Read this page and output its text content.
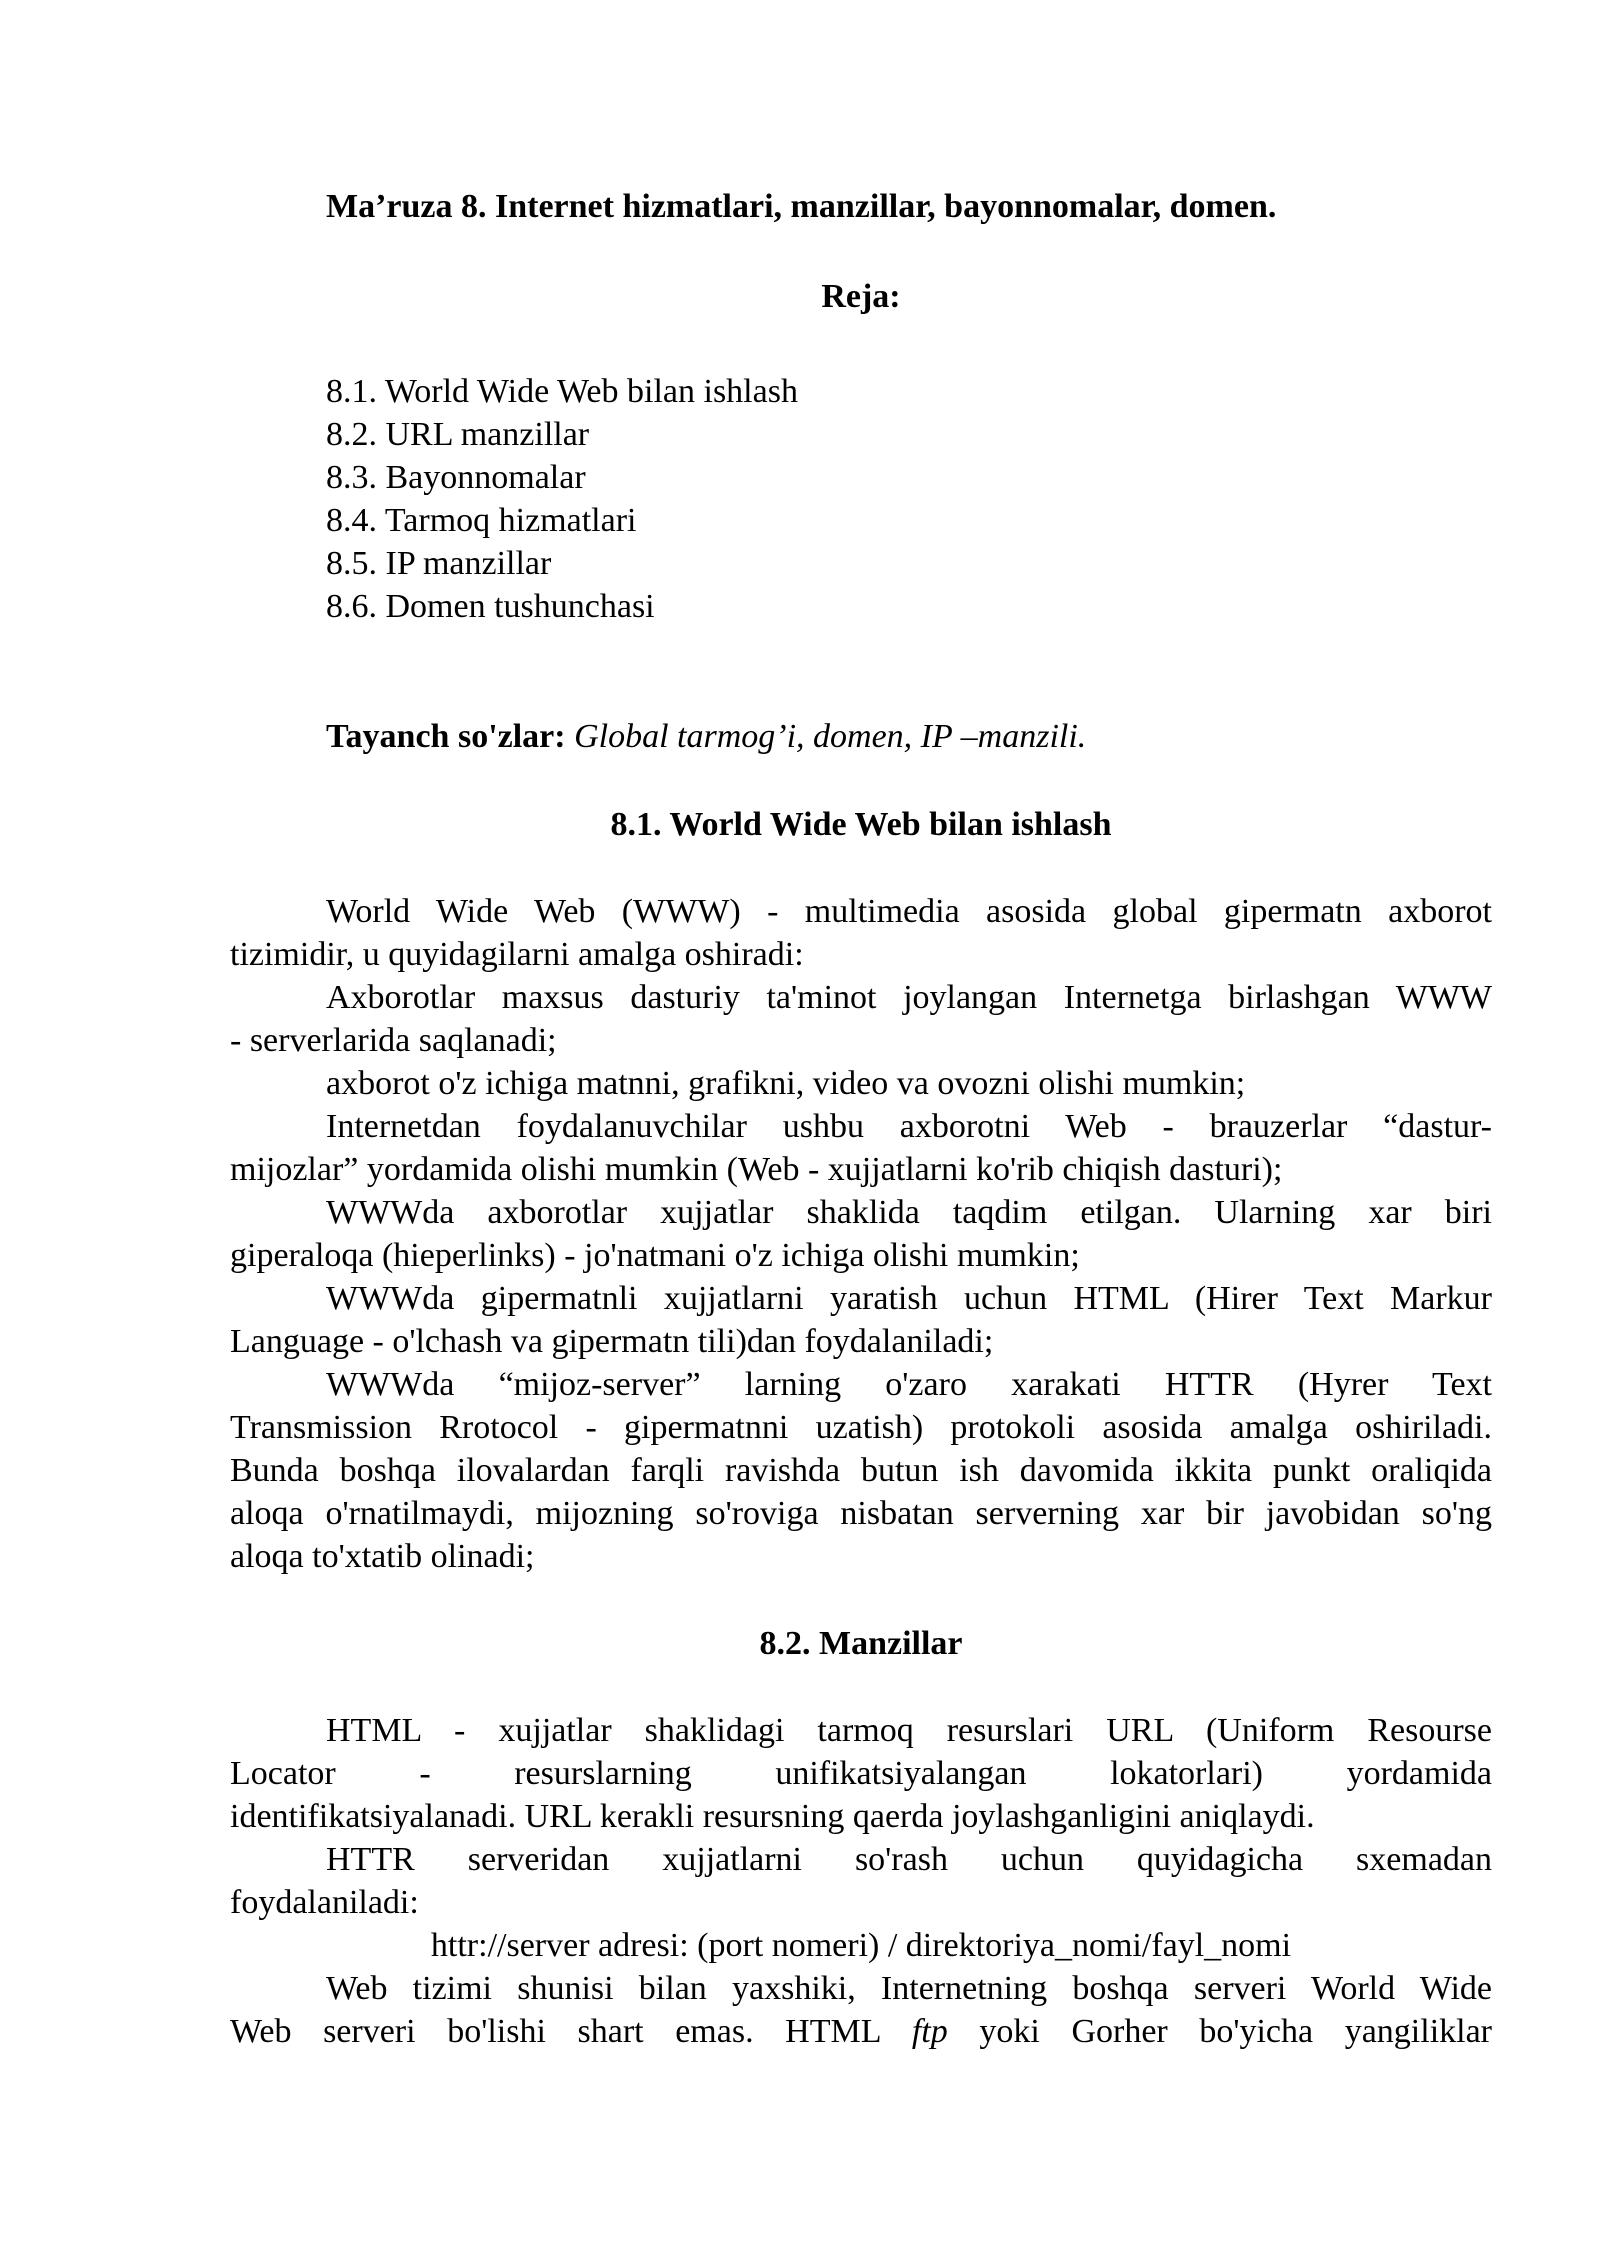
Ma’ruza 8. Internet hizmatlari, manzillar, bayonnomalar, domen.
Reja:
8.1. World Wide Web bilan ishlash
8.2. URL manzillar
8.3. Bayonnomalar
8.4. Tarmoq hizmatlari
8.5. IP manzillar
8.6. Domen tushunchasi
Tayanch so'zlar: Global tarmog’i, domen, IP –manzili.
8.1. World Wide Web bilan ishlash
World Wide Web (WWW) - multimedia asosida global gipermatn axborot
tizimidir, u quyidagilarni amalga oshiradi:
Axborotlar maxsus dasturiy ta'minot joylangan Internetga birlashgan WWW
- serverlarida saqlanadi;
axborot o'z ichiga matnni, grafikni, video va ovozni olishi mumkin;
Internetdan foydalanuvchilar ushbu axborotni Web - brauzerlar “dastur-
mijozlar” yordamida olishi mumkin (Web - xujjatlarni ko'rib chiqish dasturi);
WWWda axborotlar xujjatlar shaklida taqdim etilgan. Ularning xar biri
giperaloqa (hieperlinks) - jo'natmani o'z ichiga olishi mumkin;
WWWda gipermatnli xujjatlarni yaratish uchun HTML (Hirer Text Markur
Language - o'lchash va gipermatn tili)dan foydalaniladi;
WWWda “mijoz-server” larning o'zaro xarakati HTTR (Hyrer Text
Transmission Rrotocol - gipermatnni uzatish) protokoli asosida amalga oshiriladi.
Bunda boshqa ilovalardan farqli ravishda butun ish davomida ikkita punkt oraliqida
aloqa o'rnatilmaydi, mijozning so'roviga nisbatan serverning xar bir javobidan so'ng
aloqa to'xtatib olinadi;
8.2. Manzillar
HTML - xujjatlar shaklidagi tarmoq resurslari URL (Uniform Resourse
Locator - resurslarning unifikatsiyalangan lokatorlari) yordamida
identifikatsiyalanadi. URL kerakli resursning qaerda joylashganligini aniqlaydi.
HTTR serveridan xujjatlarni so'rash uchun quyidagicha sxemadan
foydalaniladi:
httr://server adresi: (port nomeri) / direktoriya_nomi/fayl_nomi
Web tizimi shunisi bilan yaxshiki, Internetning boshqa serveri World Wide
Web serveri bo'lishi shart emas. HTML ftp yoki Gorher bo'yicha yangiliklar
